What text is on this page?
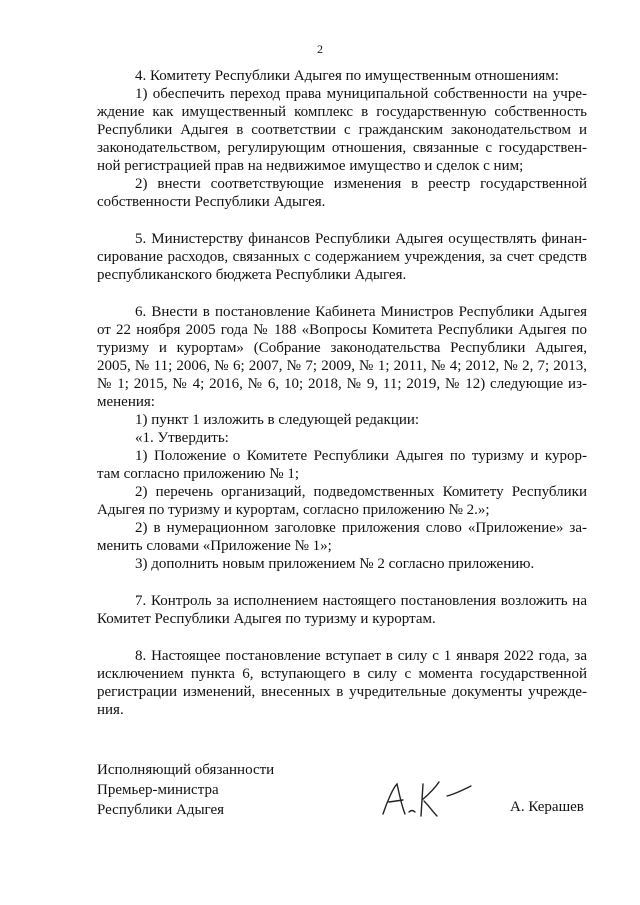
2
4. Комитету Республики Адыгея по имущественным отношениям:
1) обеспечить переход права муниципальной собственности на учре-
ждение как имущественный комплекс в государственную собственность
Республики Адыгея в соответствии с гражданским законодательством и
законодательством, регулирующим отношения, связанные с государствен-
ной регистрацией прав на недвижимое имущество и сделок с ним;
2) внести соответствующие изменения в реестр государственной
собственности Республики Адыгея.
5. Министерству финансов Республики Адыгея осуществлять финан-
сирование расходов, связанных с содержанием учреждения, за счет средств
республиканского бюджета Республики Адыгея.
6. Внести в постановление Кабинета Министров Республики Адыгея
от 22 ноября 2005 года № 188 «Вопросы Комитета Республики Адыгея по
туризму и курортам» (Собрание законодательства Республики Адыгея,
2005, № 11; 2006, № 6; 2007, № 7; 2009, № 1; 2011, № 4; 2012, № 2, 7; 2013,
№ 1; 2015, № 4; 2016, № 6, 10; 2018, № 9, 11; 2019, № 12) следующие из-
менения:
1) пункт 1 изложить в следующей редакции:
«1. Утвердить:
1) Положение о Комитете Республики Адыгея по туризму и курор-
там согласно приложению № 1;
2) перечень организаций, подведомственных Комитету Республики
Адыгея по туризму и курортам, согласно приложению № 2.»;
2) в нумерационном заголовке приложения слово «Приложение» за-
менить словами «Приложение № 1»;
3) дополнить новым приложением № 2 согласно приложению.
7. Контроль за исполнением настоящего постановления возложить на
Комитет Республики Адыгея по туризму и курортам.
8. Настоящее постановление вступает в силу с 1 января 2022 года, за
исключением пункта 6, вступающего в силу с момента государственной
регистрации изменений, внесенных в учредительные документы учрежде-
ния.
Исполняющий обязанности
Премьер-министра
Республики Адыгея	А. Керашев
